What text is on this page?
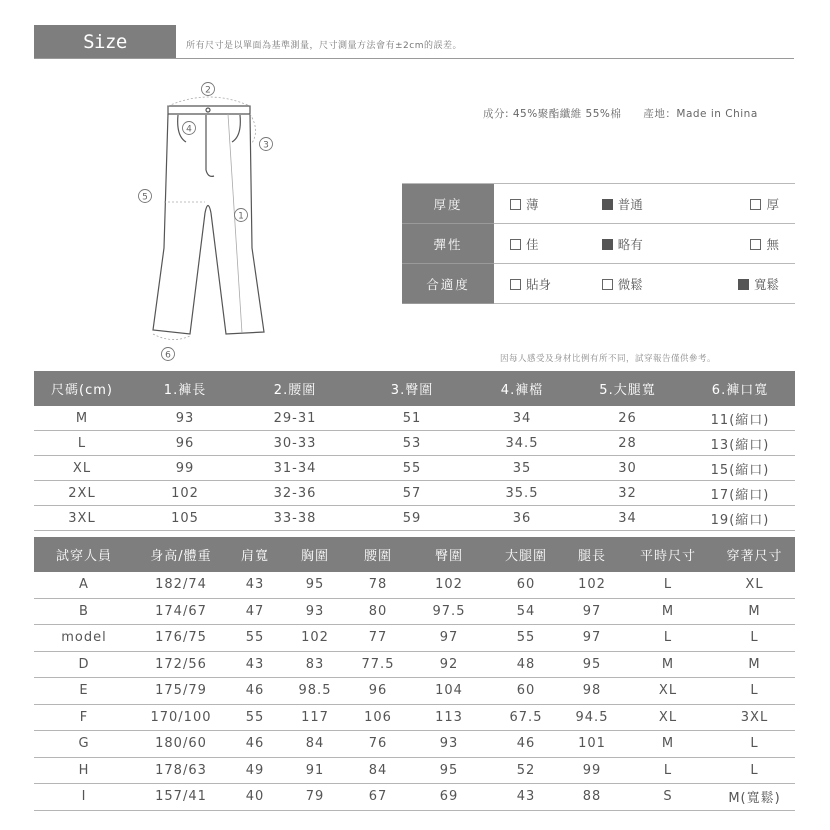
Size Information
所有尺寸是以單面為基準測量，尺寸測量方法會有±2cm的誤差。
1
2
3
4
5
6
成分: 45%聚酯纖維 55%棉 產地：Made in China
厚度	薄	普通	厚
彈性	佳	略有	無
合適度	貼身	微鬆	寬鬆
因每人感受及身材比例有所不同，試穿報告僅供參考。
尺碼(cm)	1.褲長	2.腰圍	3.臀圍	4.褲檔	5.大腿寬	6.褲口寬
M	93	29-31	51	34	26	11(縮口)
L	96	30-33	53	34.5	28	13(縮口)
XL	99	31-34	55	35	30	15(縮口)
2XL	102	32-36	57	35.5	32	17(縮口)
3XL	105	33-38	59	36	34	19(縮口)
試穿人員	身高/體重	肩寬	胸圍	腰圍	臀圍	大腿圍	腿長	平時尺寸	穿著尺寸
A	182/74	43	95	78	102	60	102	L	XL
B	174/67	47	93	80	97.5	54	97	M	M
model	176/75	55	102	77	97	55	97	L	L
D	172/56	43	83	77.5	92	48	95	M	M
E	175/79	46	98.5	96	104	60	98	XL	L
F	170/100	55	117	106	113	67.5	94.5	XL	3XL
G	180/60	46	84	76	93	46	101	M	L
H	178/63	49	91	84	95	52	99	L	L
I	157/41	40	79	67	69	43	88	S	M(寬鬆)
